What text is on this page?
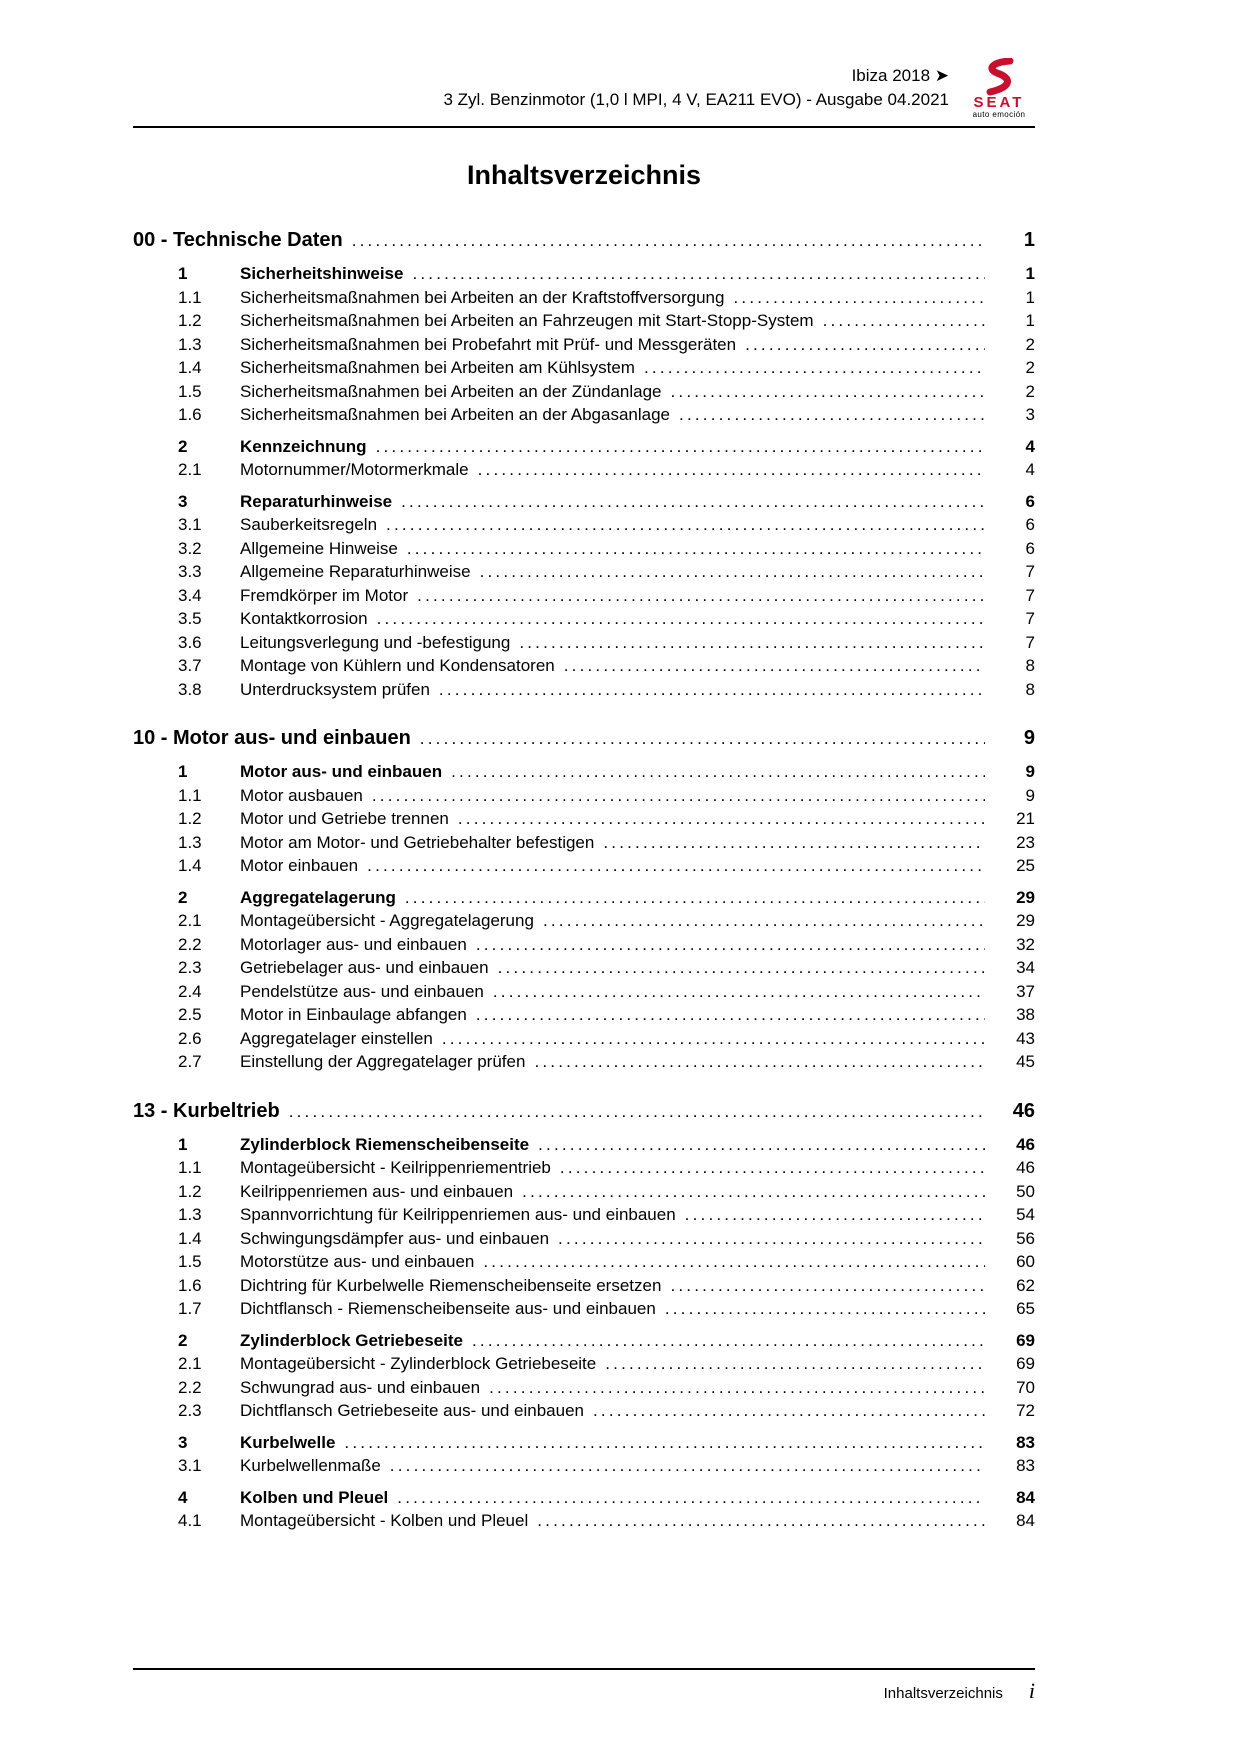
Ibiza 2018 ➤
3 Zyl. Benzinmotor (1,0 l MPI, 4 V, EA211 EVO) - Ausgabe 04.2021	SEAT
auto emoción
Inhaltsverzeichnis
00 - Technische Daten .....	1
1	Sicherheitshinweise .....	1
1.1	Sicherheitsmaßnahmen bei Arbeiten an der Kraftstoffversorgung .....	1
1.2	Sicherheitsmaßnahmen bei Arbeiten an Fahrzeugen mit Start-Stopp-System .....	1
1.3	Sicherheitsmaßnahmen bei Probefahrt mit Prüf- und Messgeräten .....	2
1.4	Sicherheitsmaßnahmen bei Arbeiten am Kühlsystem .....	2
1.5	Sicherheitsmaßnahmen bei Arbeiten an der Zündanlage .....	2
1.6	Sicherheitsmaßnahmen bei Arbeiten an der Abgasanlage .....	3
2	Kennzeichnung .....	4
2.1	Motornummer/Motormerkmale .....	4
3	Reparaturhinweise .....	6
3.1	Sauberkeitsregeln .....	6
3.2	Allgemeine Hinweise .....	6
3.3	Allgemeine Reparaturhinweise .....	7
3.4	Fremdkörper im Motor .....	7
3.5	Kontaktkorrosion .....	7
3.6	Leitungsverlegung und -befestigung .....	7
3.7	Montage von Kühlern und Kondensatoren .....	8
3.8	Unterdrucksystem prüfen .....	8
10 - Motor aus- und einbauen .....	9
1	Motor aus- und einbauen .....	9
1.1	Motor ausbauen .....	9
1.2	Motor und Getriebe trennen .....	21
1.3	Motor am Motor- und Getriebehalter befestigen .....	23
1.4	Motor einbauen .....	25
2	Aggregatelagerung .....	29
2.1	Montageübersicht - Aggregatelagerung .....	29
2.2	Motorlager aus- und einbauen .....	32
2.3	Getriebelager aus- und einbauen .....	34
2.4	Pendelstütze aus- und einbauen .....	37
2.5	Motor in Einbaulage abfangen .....	38
2.6	Aggregatelager einstellen .....	43
2.7	Einstellung der Aggregatelager prüfen .....	45
13 - Kurbeltrieb .....	46
1	Zylinderblock Riemenscheibenseite .....	46
1.1	Montageübersicht - Keilrippenriementrieb .....	46
1.2	Keilrippenriemen aus- und einbauen .....	50
1.3	Spannvorrichtung für Keilrippenriemen aus- und einbauen .....	54
1.4	Schwingungsdämpfer aus- und einbauen .....	56
1.5	Motorstütze aus- und einbauen .....	60
1.6	Dichtring für Kurbelwelle Riemenscheibenseite ersetzen .....	62
1.7	Dichtflansch - Riemenscheibenseite aus- und einbauen .....	65
2	Zylinderblock Getriebeseite .....	69
2.1	Montageübersicht - Zylinderblock Getriebeseite .....	69
2.2	Schwungrad aus- und einbauen .....	70
2.3	Dichtflansch Getriebeseite aus- und einbauen .....	72
3	Kurbelwelle .....	83
3.1	Kurbelwellenmaße .....	83
4	Kolben und Pleuel .....	84
4.1	Montageübersicht - Kolben und Pleuel .....	84
Inhaltsverzeichnis i
